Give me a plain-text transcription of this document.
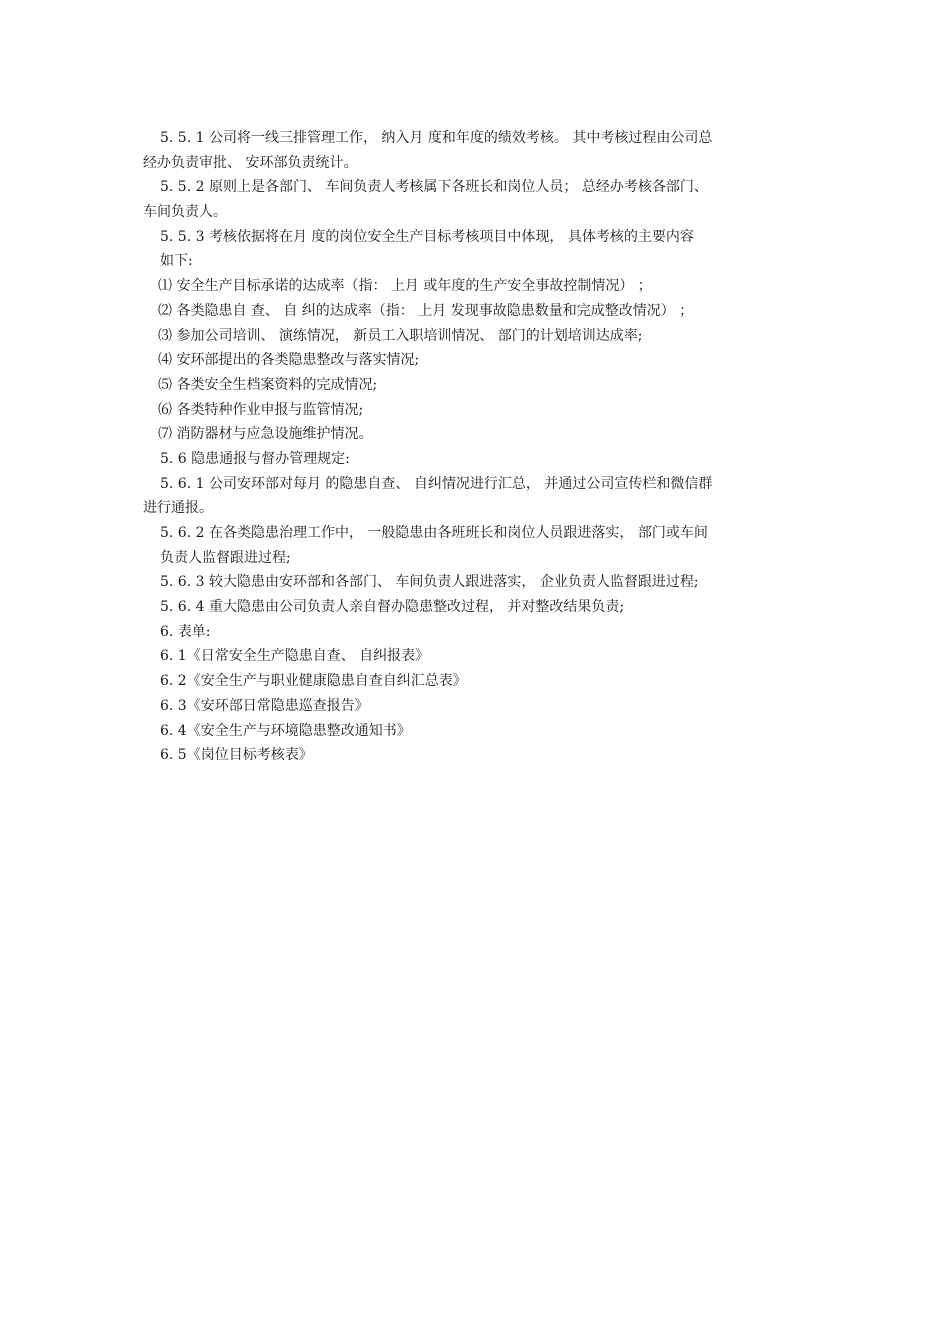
5. 5. 1 公司将一线三排管理工作， 纳入月 度和年度的绩效考核。 其中考核过程由公司总
经办负责审批、 安环部负责统计。
5. 5. 2 原则上是各部门、 车间负责人考核属下各班长和岗位人员； 总经办考核各部门、
车间负责人。
5. 5. 3 考核依据将在月 度的岗位安全生产目标考核项目中体现， 具体考核的主要内容
如下:
⑴ 安全生产目标承诺的达成率（指： 上月 或年度的生产安全事故控制情况） ；
⑵ 各类隐患自 查、 自 纠的达成率（指： 上月 发现事故隐患数量和完成整改情况） ；
⑶ 参加公司培训、 演练情况， 新员工入职培训情况、 部门的计划培训达成率;
⑷ 安环部提出的各类隐患整改与落实情况;
⑸ 各类安全生档案资料的完成情况;
⑹ 各类特种作业申报与监管情况;
⑺ 消防器材与应急设施维护情况。
5. 6 隐患通报与督办管理规定:
5. 6. 1 公司安环部对每月 的隐患自查、 自纠情况进行汇总， 并通过公司宣传栏和微信群
进行通报。
5. 6. 2 在各类隐患治理工作中， 一般隐患由各班班长和岗位人员跟进落实， 部门或车间
负责人监督跟进过程;
5. 6. 3 较大隐患由安环部和各部门、 车间负责人跟进落实， 企业负责人监督跟进过程;
5. 6. 4 重大隐患由公司负责人亲自督办隐患整改过程， 并对整改结果负责;
6. 表单:
6. 1《日常安全生产隐患自查、 自纠报表》
6. 2《安全生产与职业健康隐患自查自纠汇总表》
6. 3《安环部日常隐患巡查报告》
6. 4《安全生产与环境隐患整改通知书》
6. 5《岗位目标考核表》
